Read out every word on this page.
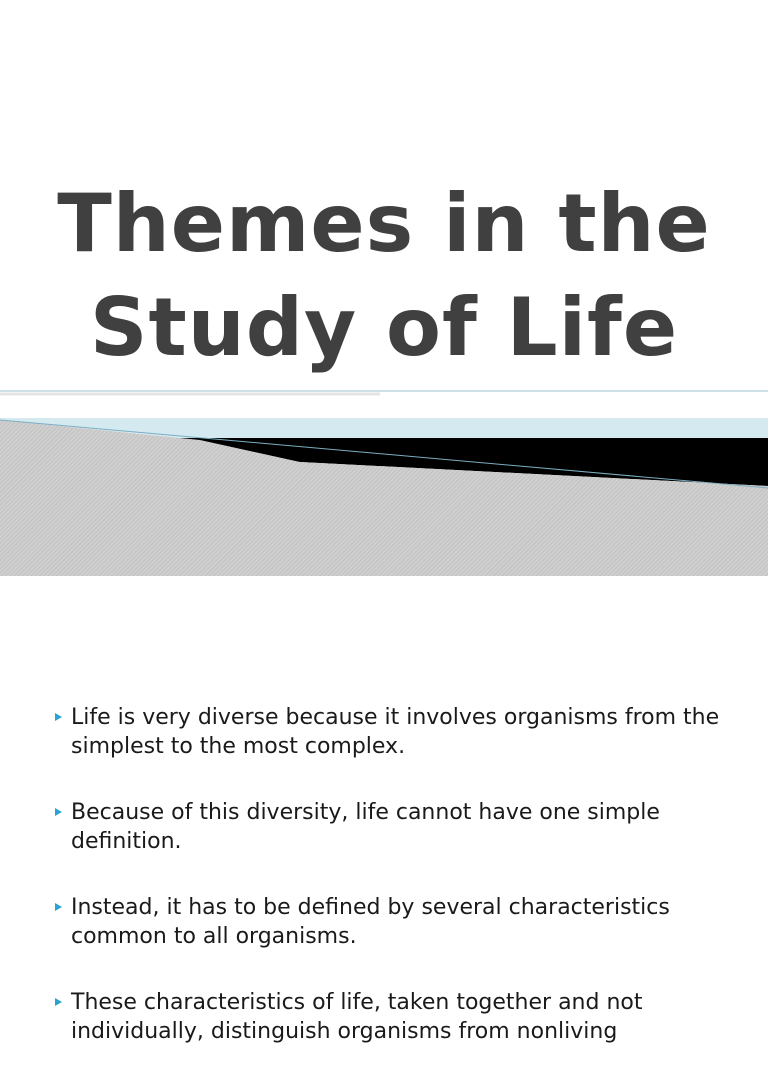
Themes in the
Study of Life
Life is very diverse because it involves organisms from the simplest to the most complex.
Because of this diversity, life cannot have one simple definition.
Instead, it has to be defined by several characteristics common to all organisms.
These characteristics of life, taken together and not individually, distinguish organisms from nonliving
